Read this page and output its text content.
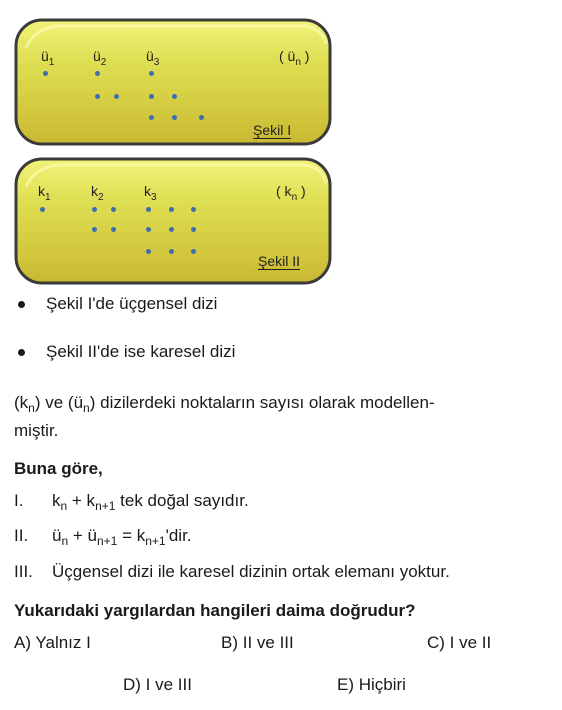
$ü_1$	$ü_2$	$ü_3$	( $ü_n$ )
Şekil I
$k_1$	$k_2$	$k_3$	( $k_n$ )
Şekil II
Şekil I'de üçgensel dizi
Şekil II'de ise karesel dizi
$(k_n)$ ve $(ü_n)$ dizilerdeki noktaların sayısı olarak modellen-
miştir.
Buna göre,
I. $k_n + k_{n+1}$ tek doğal sayıdır.
II. $ü_n$ + $ü_{n+1} = k_{n+1}'dir$.
III. Üçgensel dizi ile karesel dizinin ortak elemanı yoktur.
Yukarıdaki yargılardan hangileri daima doğrudur?
A) Yalnız I	B) II ve III	C) I ve II
D) I ve III	E) Hiçbiri
